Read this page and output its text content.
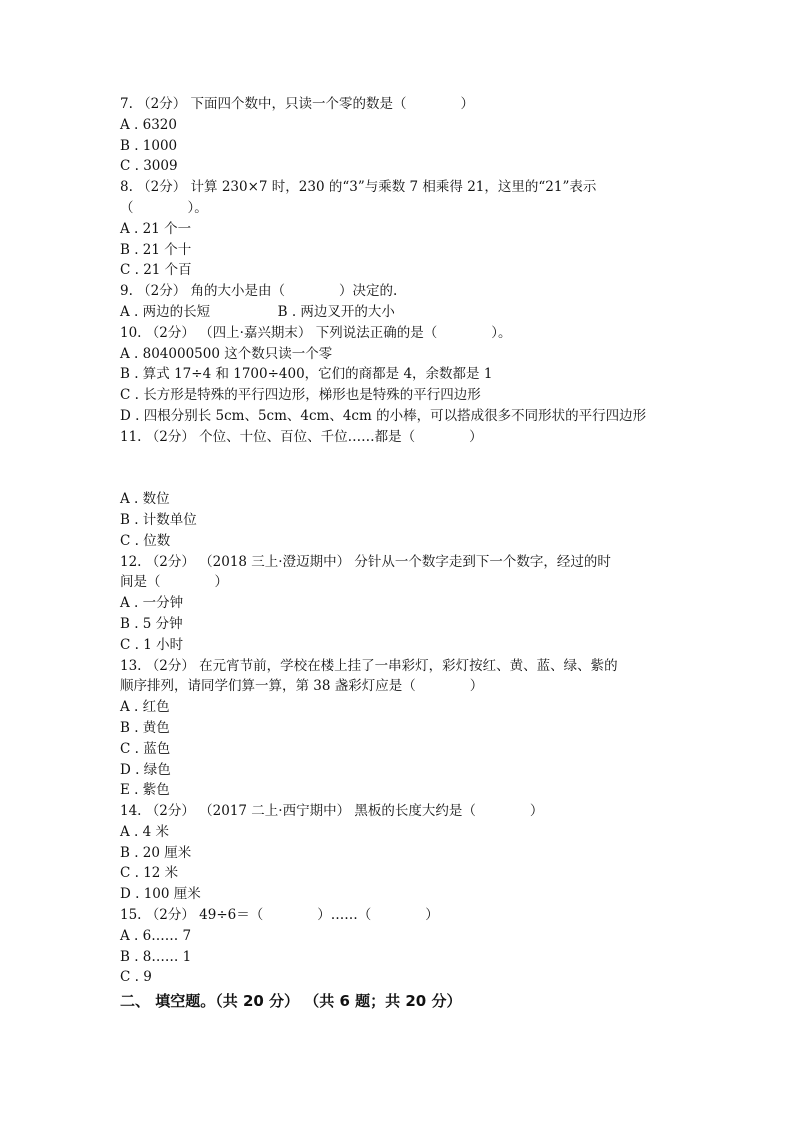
7. （2分） 下面四个数中，只读一个零的数是（　　　　）
A . 6320
B . 1000
C . 3009
8. （2分） 计算 230×7 时，230 的“3”与乘数 7 相乘得 21，这里的“21”表示
（　　　　）。
A . 21 个一
B . 21 个十
C . 21 个百
9. （2分） 角的大小是由（　　　　）决定的.
A . 两边的长短　　　　　B . 两边叉开的大小
10. （2分） （四上·嘉兴期末） 下列说法正确的是（　　　　）。
A . 804000500 这个数只读一个零
B . 算式 17÷4 和 1700÷400，它们的商都是 4，余数都是 1
C . 长方形是特殊的平行四边形，梯形也是特殊的平行四边形
D . 四根分别长 5cm、5cm、4cm、4cm 的小棒，可以搭成很多不同形状的平行四边形
11. （2分） 个位、十位、百位、千位……都是（　　　　）
A . 数位
B . 计数单位
C . 位数
12. （2分） （2018 三上·澄迈期中） 分针从一个数字走到下一个数字，经过的时
间是（　　　　）
A . 一分钟
B . 5 分钟
C . 1 小时
13. （2分） 在元宵节前，学校在楼上挂了一串彩灯，彩灯按红、黄、蓝、绿、紫的
顺序排列，请同学们算一算，第 38 盏彩灯应是（　　　　）
A . 红色
B . 黄色
C . 蓝色
D . 绿色
E . 紫色
14. （2分） （2017 二上·西宁期中） 黑板的长度大约是（　　　　）
A . 4 米
B . 20 厘米
C . 12 米
D . 100 厘米
15. （2分） 49÷6＝（　　　　）……（　　　　）
A . 6…… 7
B . 8…… 1
C . 9
二、 填空题。（共 20 分） （共 6 题；共 20 分）
